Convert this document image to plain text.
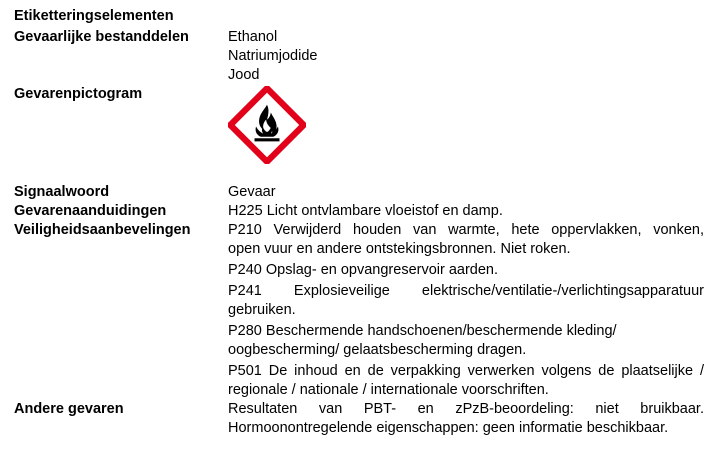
Etiketteringselementen
Gevaarlijke bestanddelen	Ethanol
Natriumjodide
Jood
Gevarenpictogram
Signaalwoord	Gevaar
Gevarenaanduidingen	H225 Licht ontvlambare vloeistof en damp.
Veiligheidsaanbevelingen	P210 Verwijderd houden van warmte, hete oppervlakken, vonken,
open vuur en andere ontstekingsbronnen. Niet roken.
P240 Opslag- en opvangreservoir aarden.
P241 Explosieveilige elektrische/ventilatie-/verlichtingsapparatuur
gebruiken.
P280 Beschermende handschoenen/beschermende kleding/
oogbescherming/ gelaatsbescherming dragen.
P501 De inhoud en de verpakking verwerken volgens de plaatselijke /
regionale / nationale / internationale voorschriften.
Andere gevaren	Resultaten van PBT- en zPzB-beoordeling: niet bruikbaar.
Hormoonontregelende eigenschappen: geen informatie beschikbaar.
